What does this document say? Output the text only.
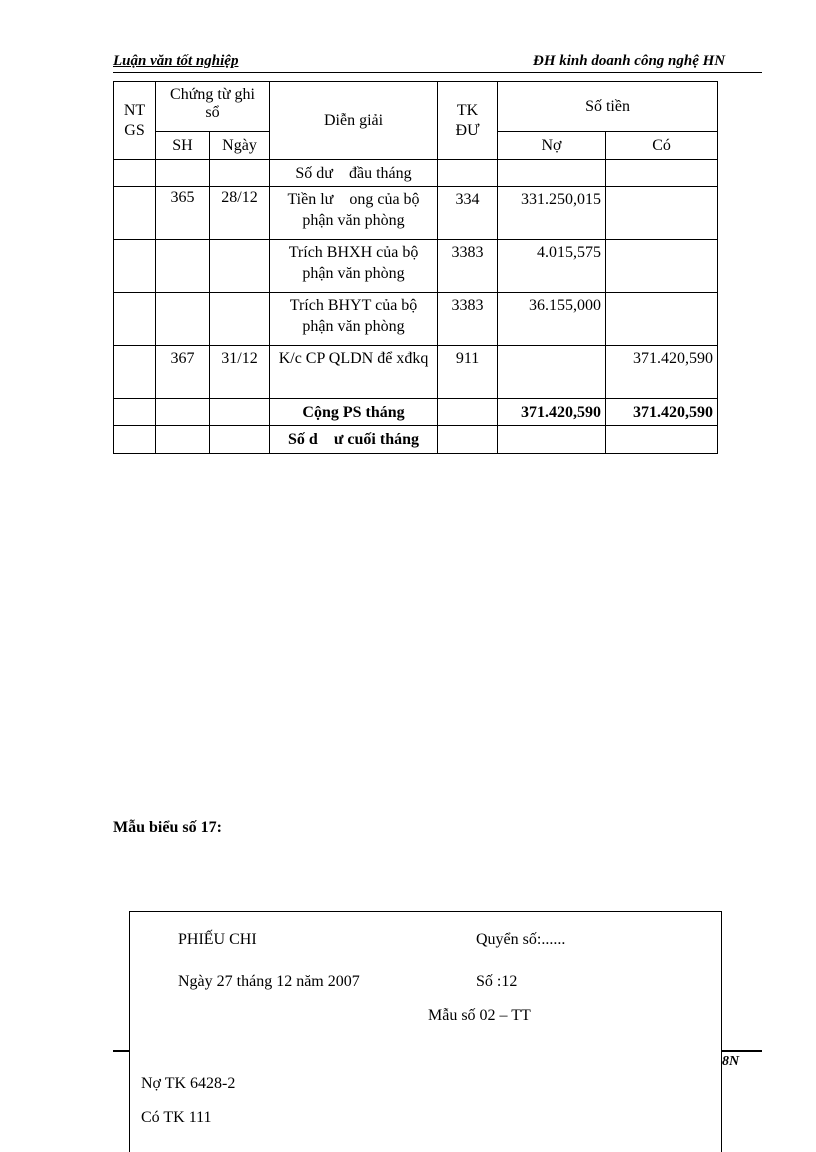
Luận văn tốt nghiệp	ĐH kinh doanh công nghệ HN
NT GS	Chứng từ ghi sổ		Diễn giải	TK ĐƯ	Số tiền	
	SH	Ngày			Nợ	Có
			Số dư    đầu tháng			
	365	28/12	Tiền lư    ong của bộ phận văn phòng	334	331.250,015	
			Trích BHXH của bộ phận văn phòng	3383	4.015,575	
			Trích BHYT của bộ phận văn phòng	3383	36.155,000	
	367	31/12	K/c CP QLDN để xđkq	911		371.420,590
			Cộng PS tháng		371.420,590	371.420,590
			Số d    ư cuối tháng			
Mẫu biểu số 17:
8N
PHIẾU CHI	Quyển số:......
Ngày 27 tháng 12 năm 2007	Số :12
Mẫu số 02 – TT
Nợ TK 6428-2
Có TK 111
